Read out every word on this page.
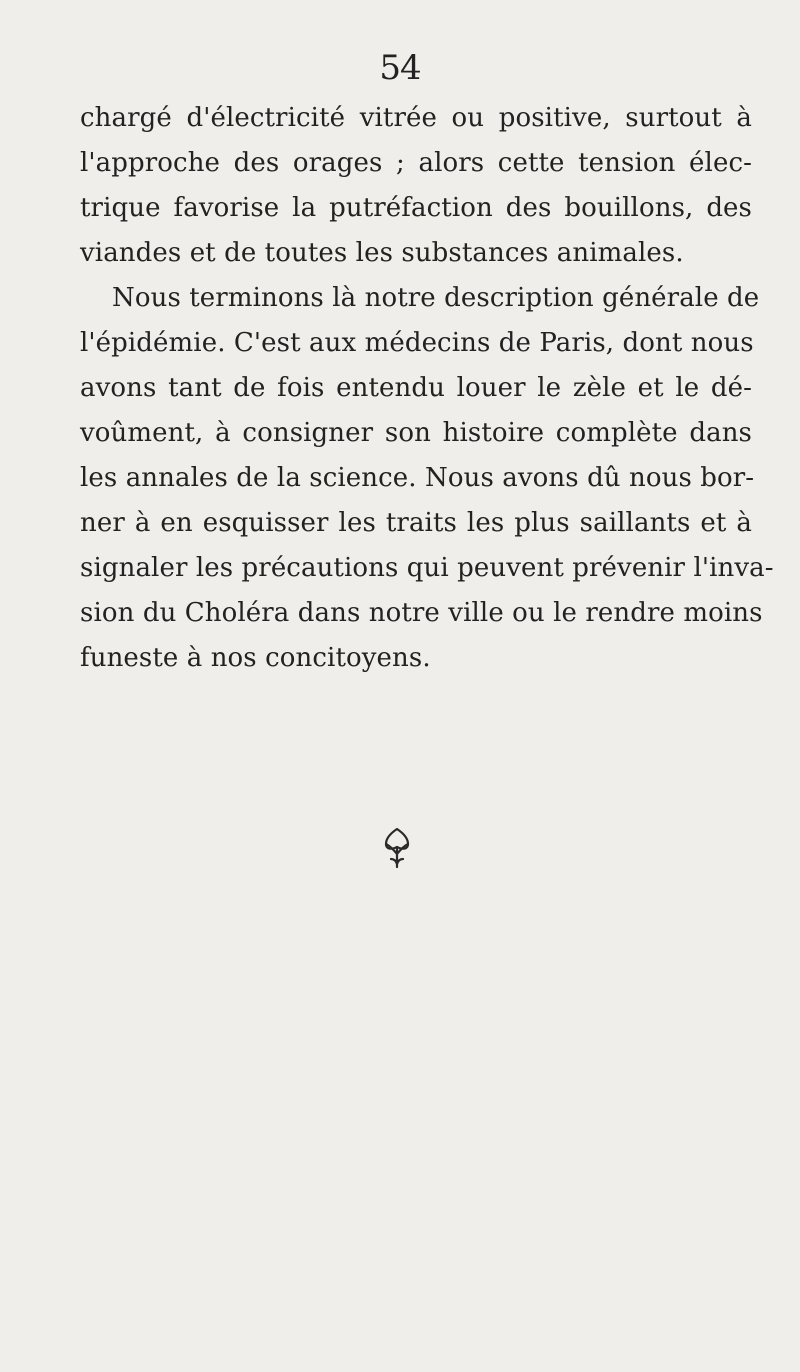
54
chargé d'électricité vitrée ou positive, surtout à
l'approche des orages ; alors cette tension élec-
trique favorise la putréfaction des bouillons, des
viandes et de toutes les substances animales.
Nous terminons là notre description générale de
l'épidémie. C'est aux médecins de Paris, dont nous
avons tant de fois entendu louer le zèle et le dé-
voûment, à consigner son histoire complète dans
les annales de la science. Nous avons dû nous bor-
ner à en esquisser les traits les plus saillants et à
signaler les précautions qui peuvent prévenir l'inva-
sion du Choléra dans notre ville ou le rendre moins
funeste à nos concitoyens.
